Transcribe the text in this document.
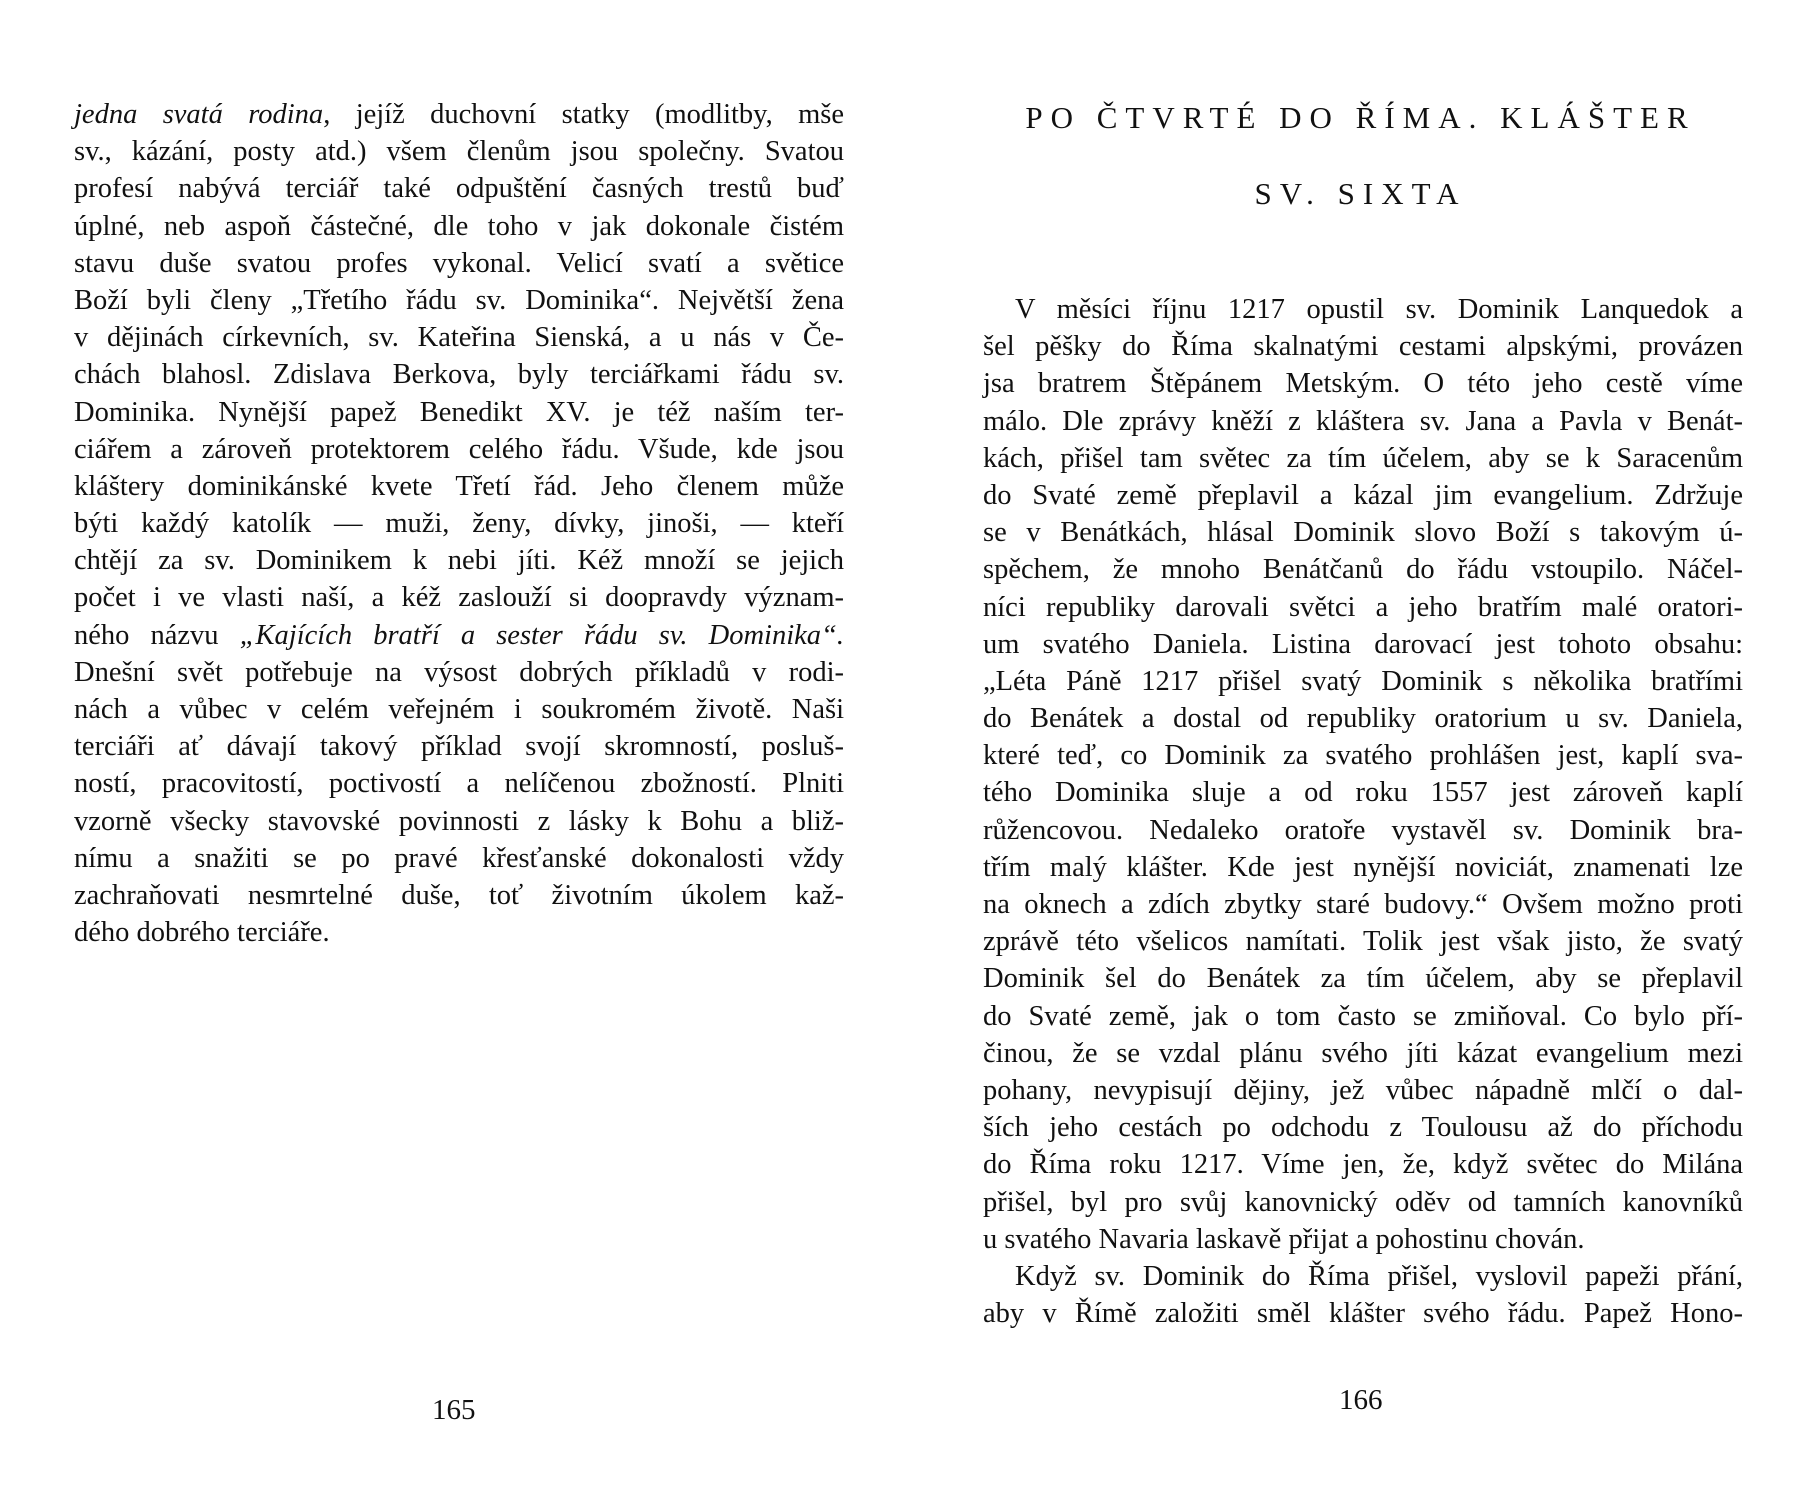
jedna svatá rodina, jejíž duchovní statky (modlitby, mše
sv., kázání, posty atd.) všem členům jsou společny. Svatou
profesí nabývá terciář také odpuštění časných trestů buď
úplné, neb aspoň částečné, dle toho v jak dokonale čistém
stavu duše svatou profes vykonal. Velicí svatí a světice
Boží byli členy „Třetího řádu sv. Dominika“. Největší žena
v dějinách církevních, sv. Kateřina Sienská, a u nás v Če-
chách blahosl. Zdislava Berkova, byly terciářkami řádu sv.
Dominika. Nynější papež Benedikt XV. je též naším ter-
ciářem a zároveň protektorem celého řádu. Všude, kde jsou
kláštery dominikánské kvete Třetí řád. Jeho členem může
býti každý katolík — muži, ženy, dívky, jinoši, — kteří
chtějí za sv. Dominikem k nebi jíti. Kéž množí se jejich
počet i ve vlasti naší, a kéž zaslouží si doopravdy význam-
ného názvu „Kajících bratří a sester řádu sv. Dominika“.
Dnešní svět potřebuje na výsost dobrých příkladů v rodi-
nách a vůbec v celém veřejném i soukromém životě. Naši
terciáři ať dávají takový příklad svojí skromností, posluš-
ností, pracovitostí, poctivostí a nelíčenou zbožností. Plniti
vzorně všecky stavovské povinnosti z lásky k Bohu a bliž-
nímu a snažiti se po pravé křesťanské dokonalosti vždy
zachraňovati nesmrtelné duše, toť životním úkolem kaž-
dého dobrého terciáře.
165
PO ČTVRTÉ DO ŘÍMA. KLÁŠTER
SV. SIXTA
V měsíci říjnu 1217 opustil sv. Dominik Lanquedok a
šel pěšky do Říma skalnatými cestami alpskými, provázen
jsa bratrem Štěpánem Metským. O této jeho cestě víme
málo. Dle zprávy kněží z kláštera sv. Jana a Pavla v Benát-
kách, přišel tam světec za tím účelem, aby se k Saracenům
do Svaté země přeplavil a kázal jim evangelium. Zdržuje
se v Benátkách, hlásal Dominik slovo Boží s takovým ú-
spěchem, že mnoho Benátčanů do řádu vstoupilo. Náčel-
níci republiky darovali světci a jeho bratřím malé oratori-
um svatého Daniela. Listina darovací jest tohoto obsahu:
„Léta Páně 1217 přišel svatý Dominik s několika bratřími
do Benátek a dostal od republiky oratorium u sv. Daniela,
které teď, co Dominik za svatého prohlášen jest, kaplí sva-
tého Dominika sluje a od roku 1557 jest zároveň kaplí
růžencovou. Nedaleko oratoře vystavěl sv. Dominik bra-
třím malý klášter. Kde jest nynější noviciát, znamenati lze
na oknech a zdích zbytky staré budovy.“ Ovšem možno proti
zprávě této všelicos namítati. Tolik jest však jisto, že svatý
Dominik šel do Benátek za tím účelem, aby se přeplavil
do Svaté země, jak o tom často se zmiňoval. Co bylo pří-
činou, že se vzdal plánu svého jíti kázat evangelium mezi
pohany, nevypisují dějiny, jež vůbec nápadně mlčí o dal-
ších jeho cestách po odchodu z Toulousu až do příchodu
do Říma roku 1217. Víme jen, že, když světec do Milána
přišel, byl pro svůj kanovnický oděv od tamních kanovníků
u svatého Navaria laskavě přijat a pohostinu chován.
Když sv. Dominik do Říma přišel, vyslovil papeži přání,
aby v Římě založiti směl klášter svého řádu. Papež Hono-
166
